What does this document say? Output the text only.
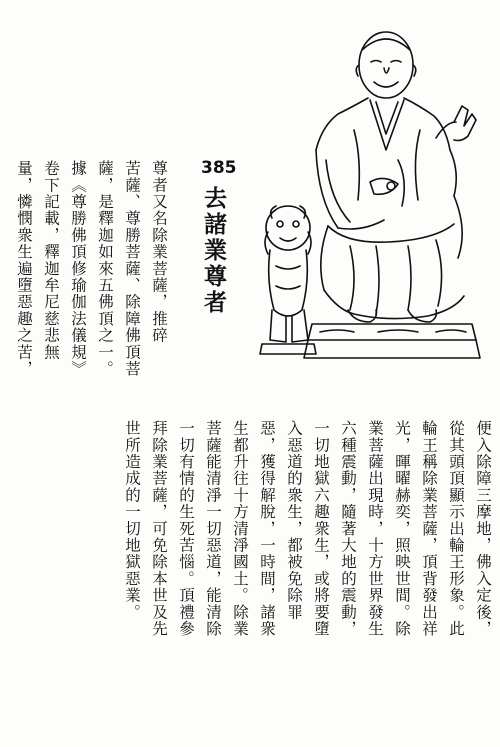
尊者又名除業菩薩，推碎
苦薩、尊勝菩薩、除障佛頂菩
薩，是釋迦如來五佛頂之一。
據《尊勝佛頂修瑜伽法儀規》
卷下記載，釋迦牟尼慈悲無
量，憐憫衆生遍墮惡趣之苦，	385
去諸業尊者
便入除障三摩地，佛入定後，
從其頭頂顯示出輪王形象。此
輪王稱除業菩薩，頂背發出祥
光，暉曜赫奕，照映世間。除
業菩薩出現時，十方世界發生
六種震動，隨著大地的震動，
一切地獄六趣衆生，或將要墮
入惡道的衆生，都被免除罪
惡，獲得解脫，一時間，諸衆
生都升往十方清淨國土。除業
菩薩能清淨一切惡道，能清除
一切有情的生死苦惱。頂禮參
拜除業菩薩，可免除本世及先
世所造成的一切地獄惡業。
